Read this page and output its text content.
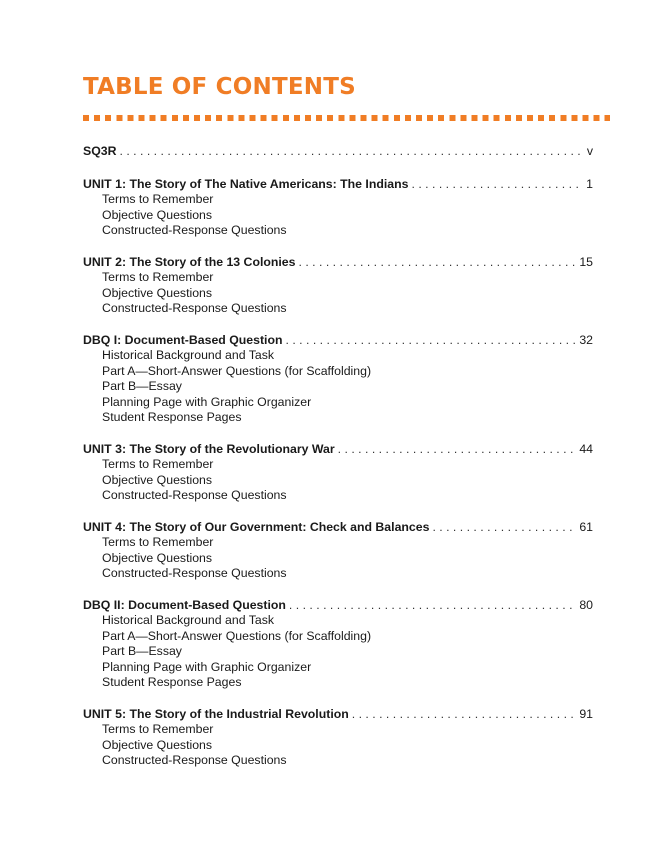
TABLE OF CONTENTS
SQ3R . . .	v
UNIT 1: The Story of The Native Americans: The Indians . . .	1
Terms to Remember
Objective Questions
Constructed-Response Questions
UNIT 2: The Story of the 13 Colonies . . .	15
Terms to Remember
Objective Questions
Constructed-Response Questions
DBQ I: Document-Based Question . . .	32
Historical Background and Task
Part A—Short-Answer Questions (for Scaffolding)
Part B—Essay
Planning Page with Graphic Organizer
Student Response Pages
UNIT 3: The Story of the Revolutionary War . . .	44
Terms to Remember
Objective Questions
Constructed-Response Questions
UNIT 4: The Story of Our Government: Check and Balances . . .	61
Terms to Remember
Objective Questions
Constructed-Response Questions
DBQ II: Document-Based Question . . .	80
Historical Background and Task
Part A—Short-Answer Questions (for Scaffolding)
Part B—Essay
Planning Page with Graphic Organizer
Student Response Pages
UNIT 5: The Story of the Industrial Revolution . . .	91
Terms to Remember
Objective Questions
Constructed-Response Questions
